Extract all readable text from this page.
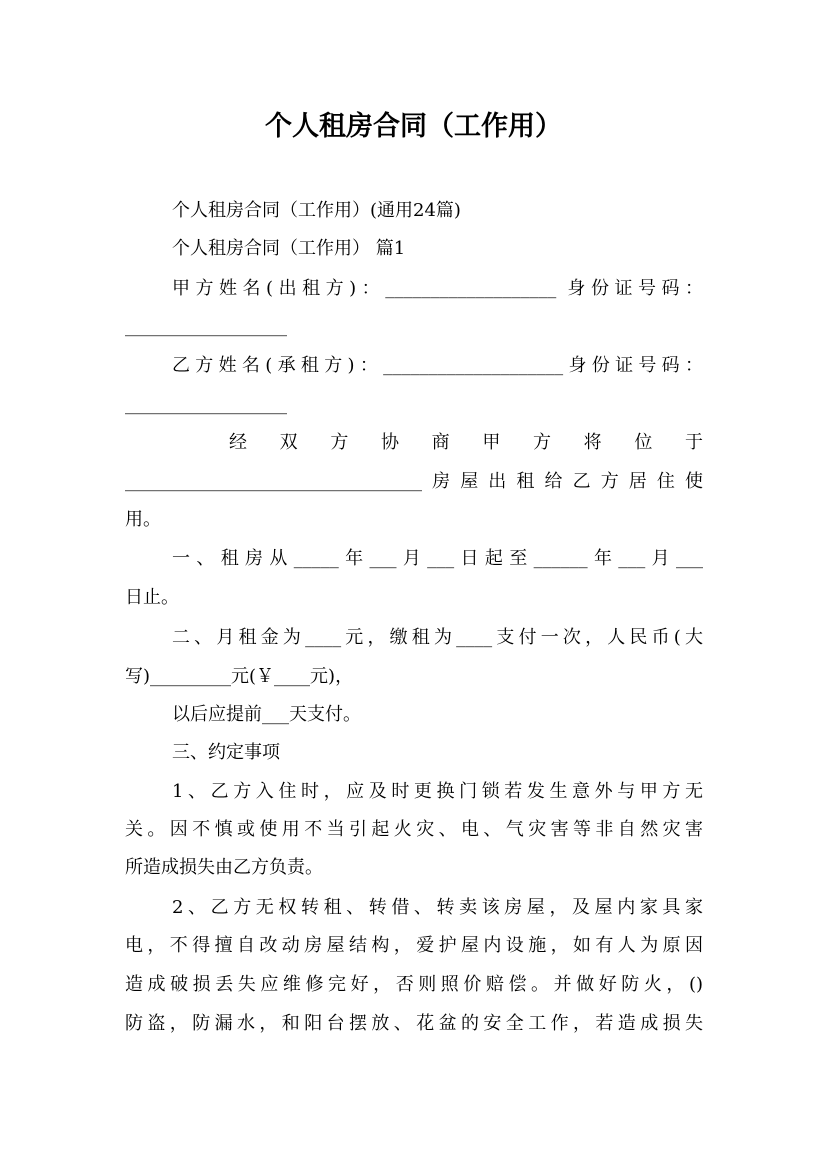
个人租房合同（工作用）
个人租房合同（工作用）(通用24篇)
个人租房合同（工作用） 篇1
甲方姓名(出租方)：___________________ 身份证号码：
__________________
乙方姓名(承租方)：____________________身份证号码：
__________________
经 双 方 协 商 甲 方 将 位 于
_________________________________房屋出租给乙方居住使
用。
一、租房从_____年___月___日起至______年___月___
日止。
二、月租金为____元，缴租为____支付一次，人民币(大
写)_________元(￥____元)，
以后应提前___天支付。
三、约定事项
1、乙方入住时，应及时更换门锁若发生意外与甲方无
关。因不慎或使用不当引起火灾、电、气灾害等非自然灾害
所造成损失由乙方负责。
2、乙方无权转租、转借、转卖该房屋，及屋内家具家
电，不得擅自改动房屋结构，爱护屋内设施，如有人为原因
造成破损丢失应维修完好，否则照价赔偿。并做好防火，()
防盗，防漏水，和阳台摆放、花盆的安全工作，若造成损失
